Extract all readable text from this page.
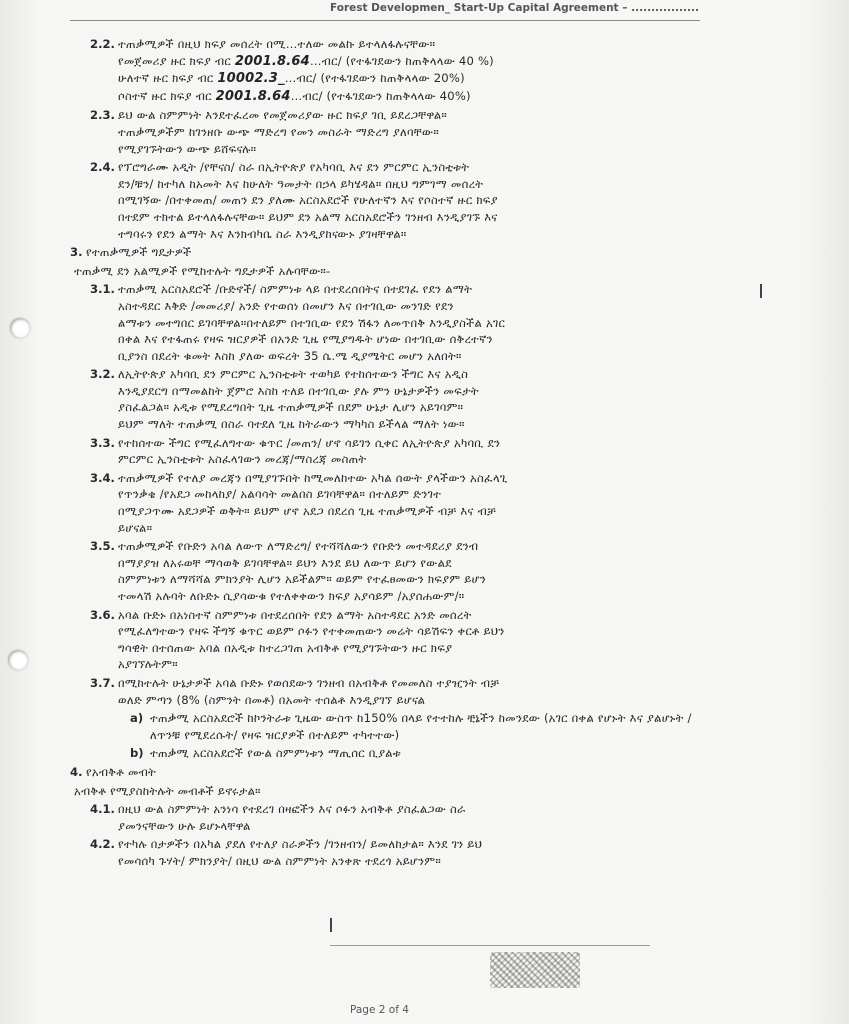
Forest Developmen_ Start-Up Capital Agreement – .................
2.2. ተጠቃሚዎች በዚህ ክፍያ መሰረት በሚ…ተለው መልኩ ይተላለፋሉናቸው።
የመጀመሪያ ዙር ክፍያ ብር 2001.8.64…ብር/ (የተፋገደውን ከጠቅላላው 40 %)
ሁለተኛ ዙር ክፍያ ብር 10002.3_…ብር/ (የተፋገደውን ከጠቅላላው 20%)
ሶስተኛ ዙር ክፍያ ብር 2001.8.64…ብር/ (የተፋገደውን ከጠቅላላው 40%)
2.3. ይህ ውል ስምምነት እንደተፈረመ የመጀመሪያው ዙር ክፍያ ገቢ ይደረጋቸዋል።
ተጠቃሚዎችም ከገንዘቡ ውጭ ማድረግ የመን መስራት ማድረግ ያለባቸው።
የሚያገኙትውን ውጭ ይሸፍናሉ።
2.4. የፕሮግራሙ አዲት /የቸናስ/ ስራ በኢትዮጵያ የአካባቢ እና ደን ምርምር ኢንስቲቱት
ደን/ቹን/ ከተካለ ከአመት እና ከሁለት ዓመታት በኃላ ይካሄዳል። በዚህ ግምገማ መሰረት
በሚገኝው /በተቀመጠ/ መጠን ደን ያለሙ አርስአደሮች የሁለተኛን እና የሶስተኛ ዙር ክፍያ
በተደም ተክተል ይተላለፋሉናቸው። ይህም ደን አልማ አርስአደሮችን ገንዘብ እንዲያገኙ እና
ተግባሩን የደን ልማት እና እንክብካቤ ስራ እንዲያከናውኑ ያገዛቸዋል።
3. የተጠቃሚዎች ግዴታዎች
ተጠቃሚ ደን አልሚዎች የሚከተሉት ግዴታዎች አሉባቸው።-
3.1. ተጠቃሚ አርስአደሮች /ቡድኖች/ ስምምነቱ ላይ በተደረሰበትና በተደገፈ የደን ልማት
አስተዳደር እቅድ /መመሪያ/ አንድ የተወሰነ በመሆን እና በተገቢው መንገድ የደን
ልማቱን መተግበር ይገባቸዋል።በተለይም በተገቢው የደን ሽፋን ለመጥበቅ እንዲያስችል አገር
በቀል እና የተፋጠሩ የዛፍ ዝርያዎች በአንድ ጊዜ የሚያግዱት ሆነው በተገቢው ሰቅረተኛን
ቢያንስ በደረት ቁመት እስከ ያለው ወፍረት 35 ሴ.ሜ ዲያሜትር መሆን አለበት።
3.2. ለኢትዮጵያ አካባቢ ደን ምርምር ኢንስቲቱት ተወካይ የተከሰተውን ችግር እና አዲስ
እንዲያደርግ በማመልከት ጀምሮ እስከ ተለይ በተገቢው ያሉ ምን ሁኔታዎችን መፍታት
ያስፈልጋል። አዲቱ የሚደረግበት ጊዜ ተጠቃሚዎች በደም ሁኔታ ሊሆን አይገባም።
ይህም ማለት ተጠቃሚ በስራ ባተደለ ጊዜ ከትራውን ማካካስ ይችላል ማለት ነው።
3.3. የተከሰተው ችግር የሚፈለግተው ቁጥር /መጠን/ ሆኖ ሳይገን ሲቀር ለኢትዮጵያ አካባቢ ደን
ምርምር ኢንስቲቱት አስፈላገውን መረጃ/ማስረጃ መስጠት
3.4. ተጠቃሚዎች የተለያ መረጃን በሚያገኙበት ከሚመለከተው አካል ሰውት ያላችውን አስፈላጊ
የጥንቃቄ /የአደጋ መከላከያ/ አልባሳት መልበስ ይገባቸዋል። በተለይም ድንገተ
በሚያጋጥሙ አደጋዎች ወቅት። ይህም ሆኖ አደጋ በደረሰ ጊዜ ተጠቃሚዎች ብቻ እና ብቻ
ይሆናል።
3.5. ተጠቃሚዎች የቡድን አባል ለውጥ ለማድረግ/ የተሻሻለውን የቡድን መተዳደሪያ ደንብ
በማያያዝ ለአሩወቸ ማሳወቅ ይገባቸዋል። ይህን እንደ ይህ ለውጥ ይሆን የውልደ
ስምምነቱን ለማሻሻል ምክንያት ሊሆን አይችልም። ወይም የተፈፀመውን ክፍያም ይሆን
ተመላሽ አሉባት ለቡድኑ ሲያሳውቁ የተለቀቀውን ክፍያ አያሳይም /አያሰሐውም/።
3.6. አባል ቡድኑ በአነስተኛ ስምምነቱ በተደረሰበት የደን ልማት አስተዳደር አንድ መሰረት
የሚፈለግተውን የዛፍ ችግኝ ቁጥር ወይም ሶፉን የተቀመጠውን መሬት ሳይሽፍን ቀርቶ ይህን
ግሳዊት በተሰጠው አባል በአዲቱ ከተረጋገጠ አብቅቶ የሚያገኙትውን ዙር ክፍያ
አያገኘሉትም።
3.7. በሚከተሉት ሁኔታዎች አባል ቡድኑ የወሰደውን ገንዘብ በአብቅቶ የመመለስ ተያዢንት ብቻ
ወለድ ምጣን (8% (ስምንት በመቶ) በአመት ተሰልቶ እንዲያገኘ ይሆናል
a) ተጠቃሚ አርስአደሮች ከኮንትራቱ ጊዜው ውስጥ ከ150% በላይ የተተከሉ ቺኔችን ከመንደው (አገር በቀል የሆኑት እና ያልሆኑት /ለጥንቹ የሚደረሱት/ የዛፍ ዝርያዎች በተለይም ተካተተው)
b) ተጠቃሚ አርስአደሮች የውል ስምምነቱን ማጢሰር ቢያልቱ
4. የአብቅቶ መብት
አብቅቶ የሚያስከትሉት መብቶች ይኖሩታል።
4.1. በዚህ ውል ስምምነት አንነሳ የተደረገ በዛፎችን እና ሶፉን አብቅቶ ያስፈልጋው ስራ
ያመንናቸውን ሁሉ ይሆኑላቸዋል
4.2. የተካሉ በታዎችን በአካል ያደለ የተለያ ስራዎችን /ገንዘብን/ ይመለከታል። እንደ ገን ይህ
የመሳሰካ ጉሃት/ ምክንያት/ በዚህ ውል ስምምነት አንቀጽ ተደረጎ አይሆንም።
Page 2 of 4
